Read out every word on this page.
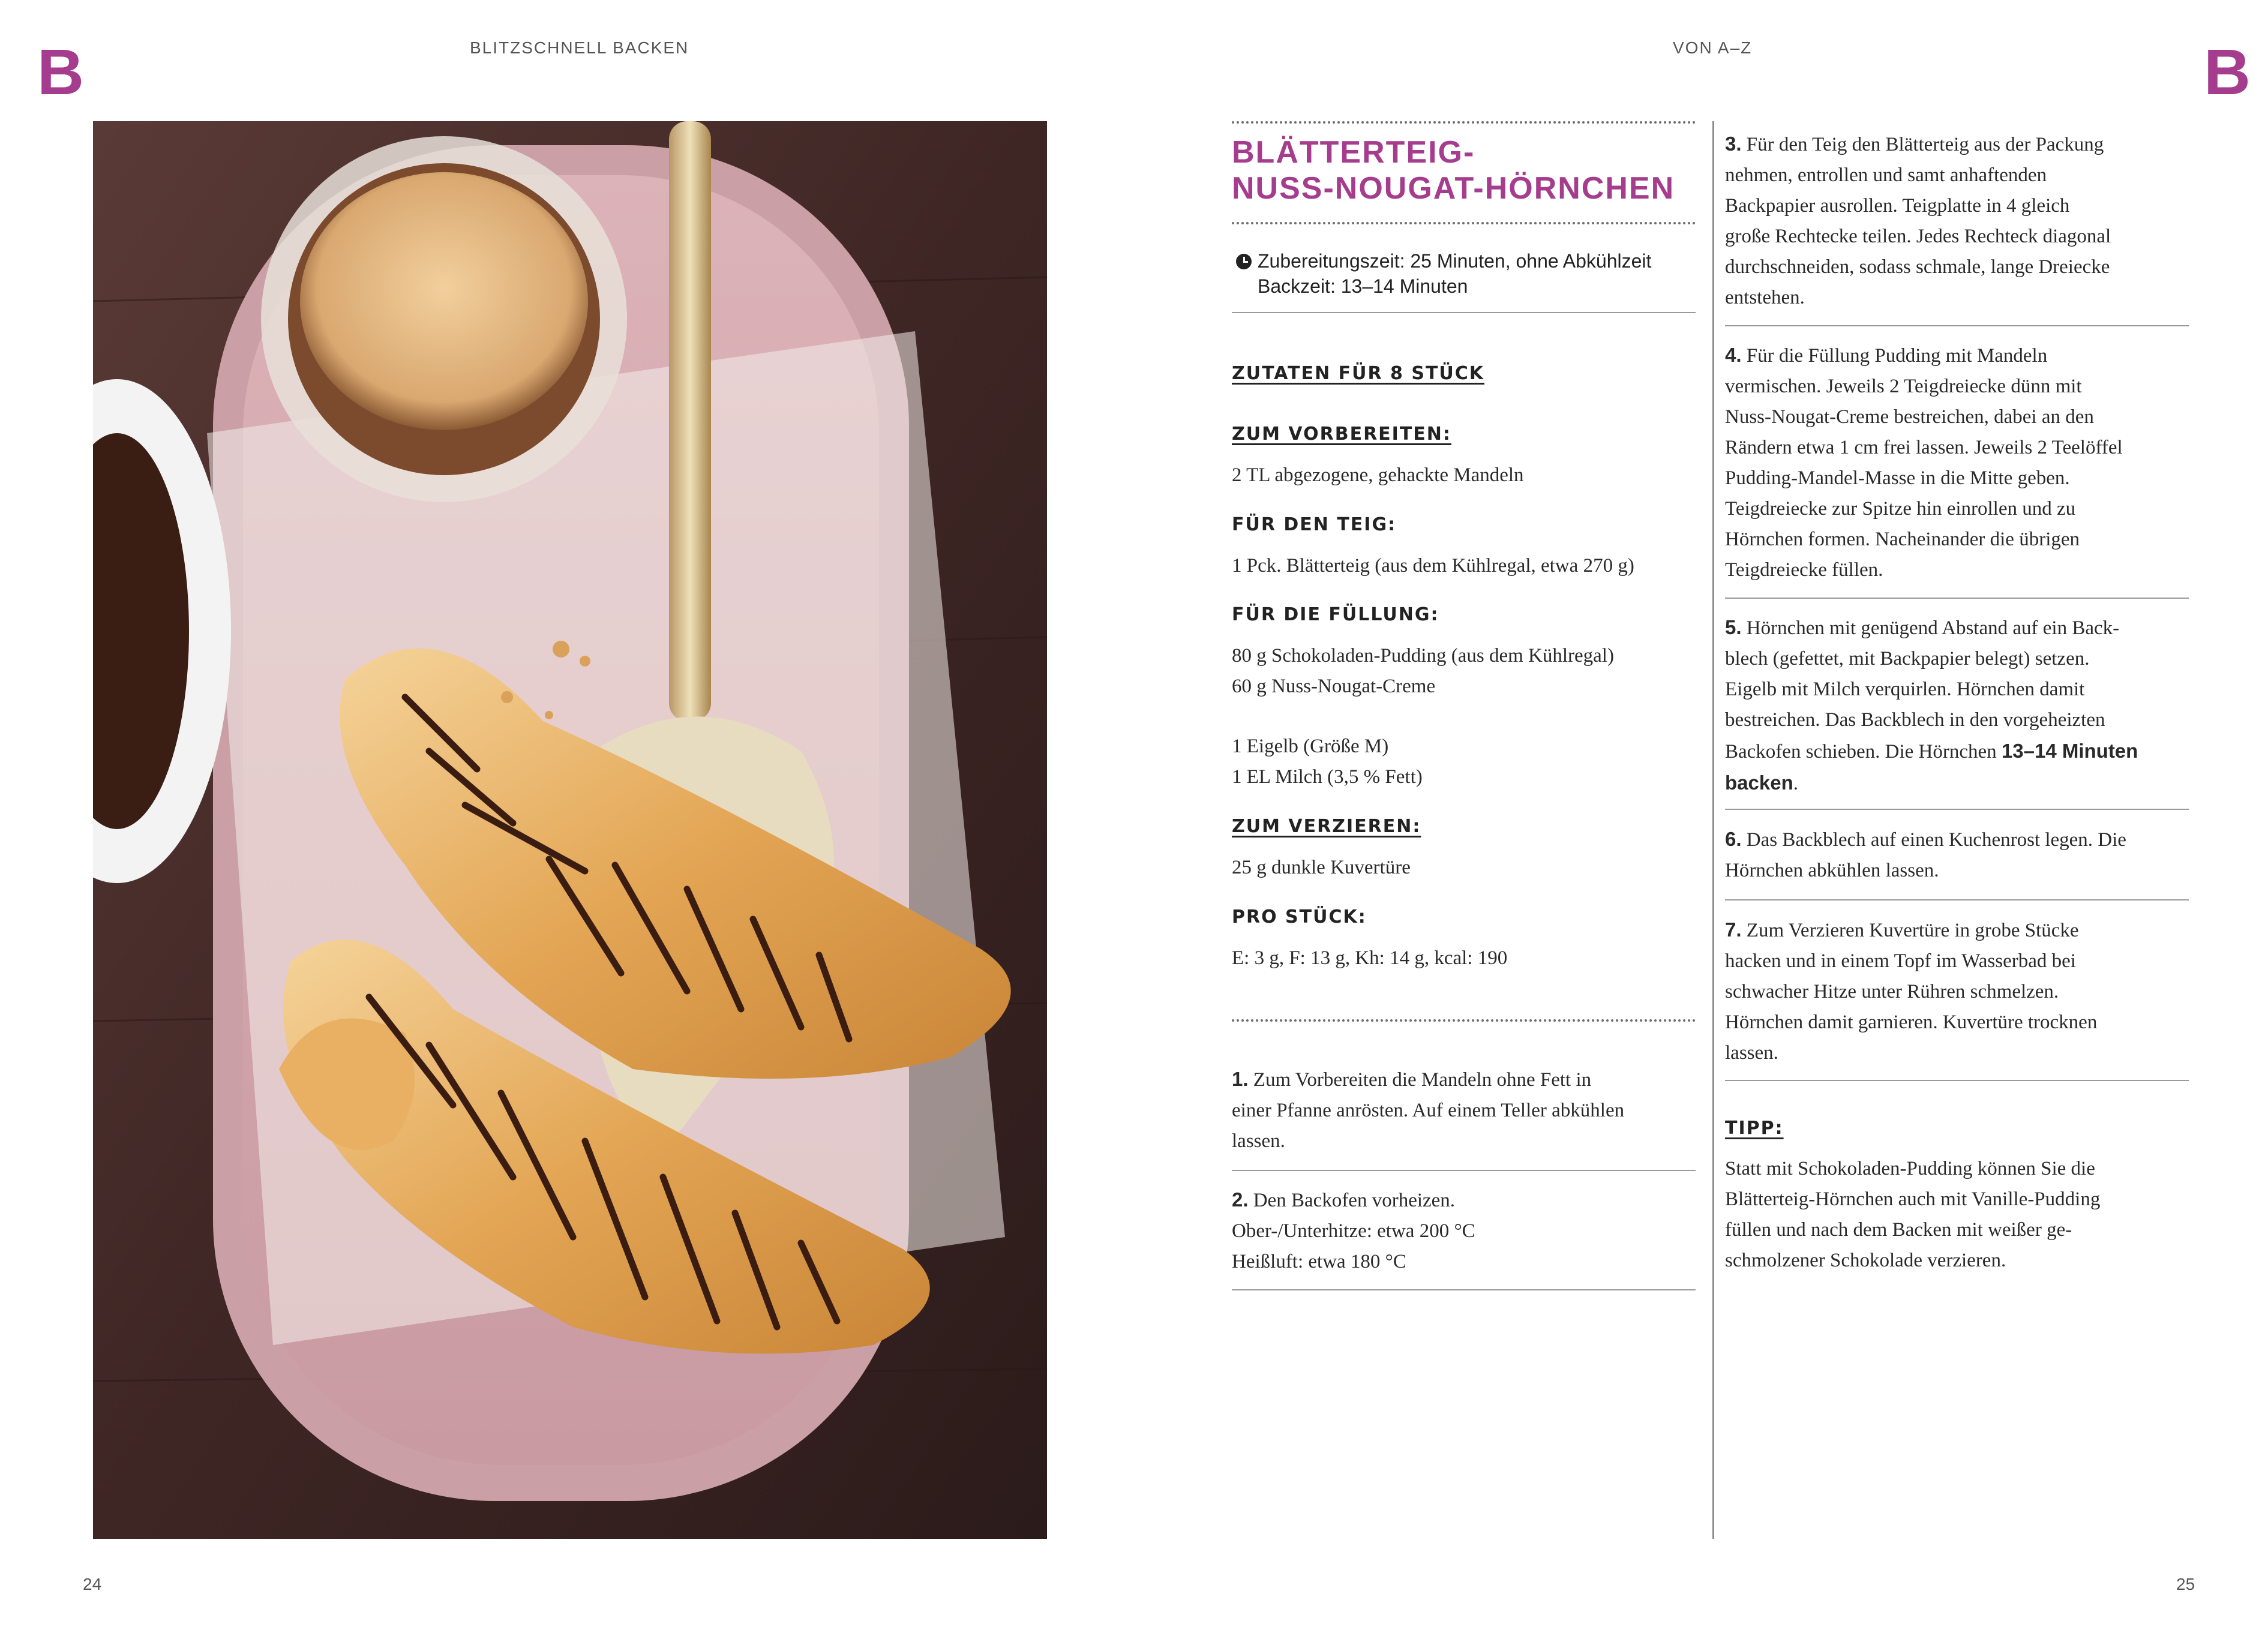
B	BLITZSCHNELL BACKEN	VON A–Z	B
BLÄTTERTEIG-
NUSS-NOUGAT-HÖRNCHEN
Zubereitungszeit: 25 Minuten, ohne Abkühlzeit
Backzeit: 13–14 Minuten
ZUTATEN FÜR 8 STÜCK
ZUM VORBEREITEN:
2 TL abgezogene, gehackte Mandeln
FÜR DEN TEIG:
1 Pck. Blätterteig (aus dem Kühlregal, etwa 270 g)
FÜR DIE FÜLLUNG:
80 g Schokoladen-Pudding (aus dem Kühlregal)
60 g Nuss-Nougat-Creme
1 Eigelb (Größe M)
1 EL Milch (3,5 % Fett)
ZUM VERZIEREN:
25 g dunkle Kuvertüre
PRO STÜCK:
E: 3 g, F: 13 g, Kh: 14 g, kcal: 190
1. Zum Vorbereiten die Mandeln ohne Fett in
einer Pfanne anrösten. Auf einem Teller abkühlen
lassen.
2. Den Backofen vorheizen.
Ober-/Unterhitze: etwa 200 °C
Heißluft: etwa 180 °C
3. Für den Teig den Blätterteig aus der Packung
nehmen, entrollen und samt anhaftenden
Backpapier ausrollen. Teigplatte in 4 gleich
große Rechtecke teilen. Jedes Rechteck diagonal
durchschneiden, sodass schmale, lange Dreiecke
entstehen.
4. Für die Füllung Pudding mit Mandeln
vermischen. Jeweils 2 Teigdreiecke dünn mit
Nuss-Nougat-Creme bestreichen, dabei an den
Rändern etwa 1 cm frei lassen. Jeweils 2 Teelöffel
Pudding-Mandel-Masse in die Mitte geben.
Teigdreiecke zur Spitze hin einrollen und zu
Hörnchen formen. Nacheinander die übrigen
Teigdreiecke füllen.
5. Hörnchen mit genügend Abstand auf ein Back-
blech (gefettet, mit Backpapier belegt) setzen.
Eigelb mit Milch verquirlen. Hörnchen damit
bestreichen. Das Backblech in den vorgeheizten
Backofen schieben. Die Hörnchen 13–14 Minuten
backen.
6. Das Backblech auf einen Kuchenrost legen. Die
Hörnchen abkühlen lassen.
7. Zum Verzieren Kuvertüre in grobe Stücke
hacken und in einem Topf im Wasserbad bei
schwacher Hitze unter Rühren schmelzen.
Hörnchen damit garnieren. Kuvertüre trocknen
lassen.
TIPP:
Statt mit Schokoladen-Pudding können Sie die
Blätterteig-Hörnchen auch mit Vanille-Pudding
füllen und nach dem Backen mit weißer ge-
schmolzener Schokolade verzieren.
24	25
